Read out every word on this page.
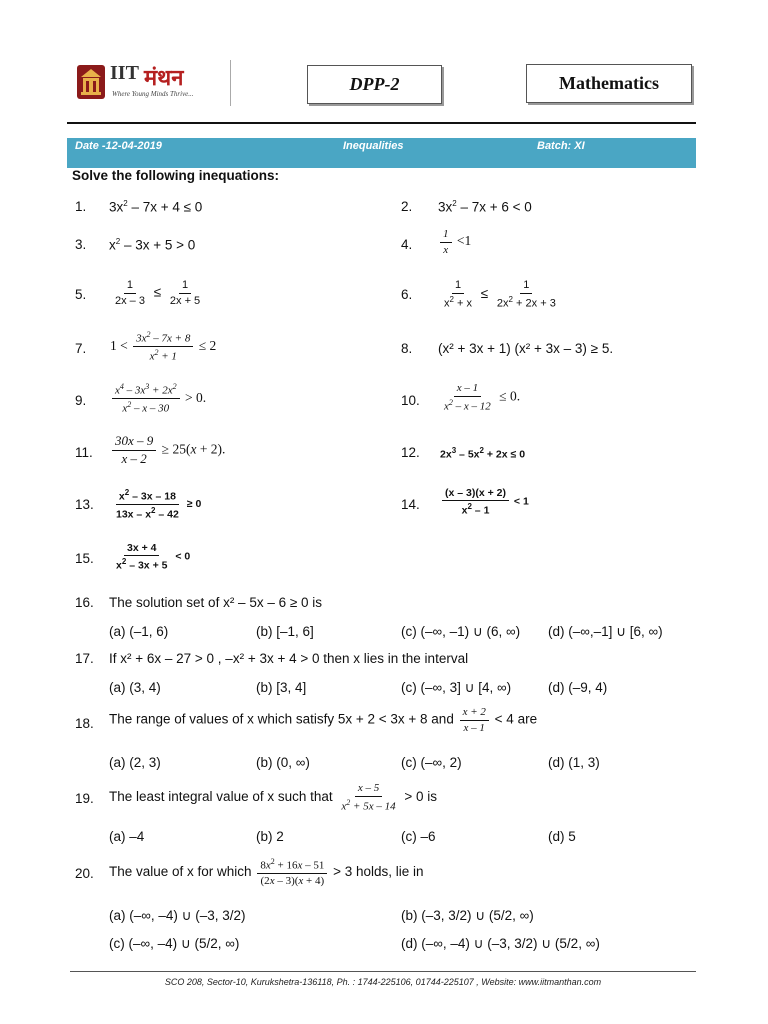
IIT मंथन
Where Young Minds Thrive...	DPP-2	Mathematics
Date -12-04-2019	Inequalities	Batch: XI
Solve the following inequations:
1. $3x^2 - 7x + 4 \le 0$	2. $3x^2 - 7x + 6 < 0$
3. $x^2 - 3x + 5 > 0$	4.	$\frac{1}{x} <1$
5. $\frac{1}{2x - 3} \le \frac{1}{2x + 5}$	6.	$\frac{1}{x^2 + x} \le \frac{1}{2x^2 + 2x + 3}$
7. $1 < \frac{3x^2 - 7x + 8}{x^2 + 1} \le 2$	8. (x² + 3x + 1) (x² + 3x – 3) ≥ 5.
9. $\frac{x^4 - 3x^3 + 2x^2}{x^2 - x - 30} > 0$.	10. $\frac{x - 1}{x^2 - x - 12} \le 0$.
11. $\frac{30x - 9}{x - 2} \ge 25(x + 2)$.	12. $2x^3 - 5x^2 + 2x \le 0$
13. $\frac{x^2 - 3x - 18}{13x - x^2 - 42} \ge 0$	14. $\frac{(x - 3)(x + 2)}{x^2 - 1} < 1$
15. $\frac{3x + 4}{x^2 - 3x + 5} < 0$
16. The solution set of x² – 5x – 6 ≥ 0 is
(a) (–1, 6)	(b) [–1, 6]	(c) (–∞, –1) ∪ (6, ∞) (d) (–∞,–1] ∪ [6, ∞)
17. If x² + 6x – 27 > 0 , –x² + 3x + 4 > 0 then x lies in the interval
(a) (3, 4)	(b) [3, 4]	(c) (–∞, 3] ∪ [4, ∞)	(d) (–9, 4)
18. The range of values of x which satisfy 5x + 2 < 3x + 8 and $\frac{x + 2}{x - 1} < 4$ are
(a) (2, 3)	(b) (0, ∞)	(c) (–∞, 2)	(d) (1, 3)
19. The least integral value of x such that $\frac{x - 5}{x^2 + 5x - 14} > 0$ is
(a) –4	(b) 2	(c) –6	(d) 5
20. The value of x for which $\frac{8x^2 + 16x - 51}{(2x - 3)(x + 4)} > 3$ holds, lie in
(a) (–∞, –4) ∪ (–3, 3/2)	(b) (–3, 3/2) ∪ (5/2, ∞)
(c) (–∞, –4) ∪ (5/2, ∞)	(d) (–∞, –4) ∪ (–3, 3/2) ∪ (5/2, ∞)
SCO 208, Sector-10, Kurukshetra-136118, Ph. : 1744-225106, 01744-225107 , Website: www.iitmanthan.com
